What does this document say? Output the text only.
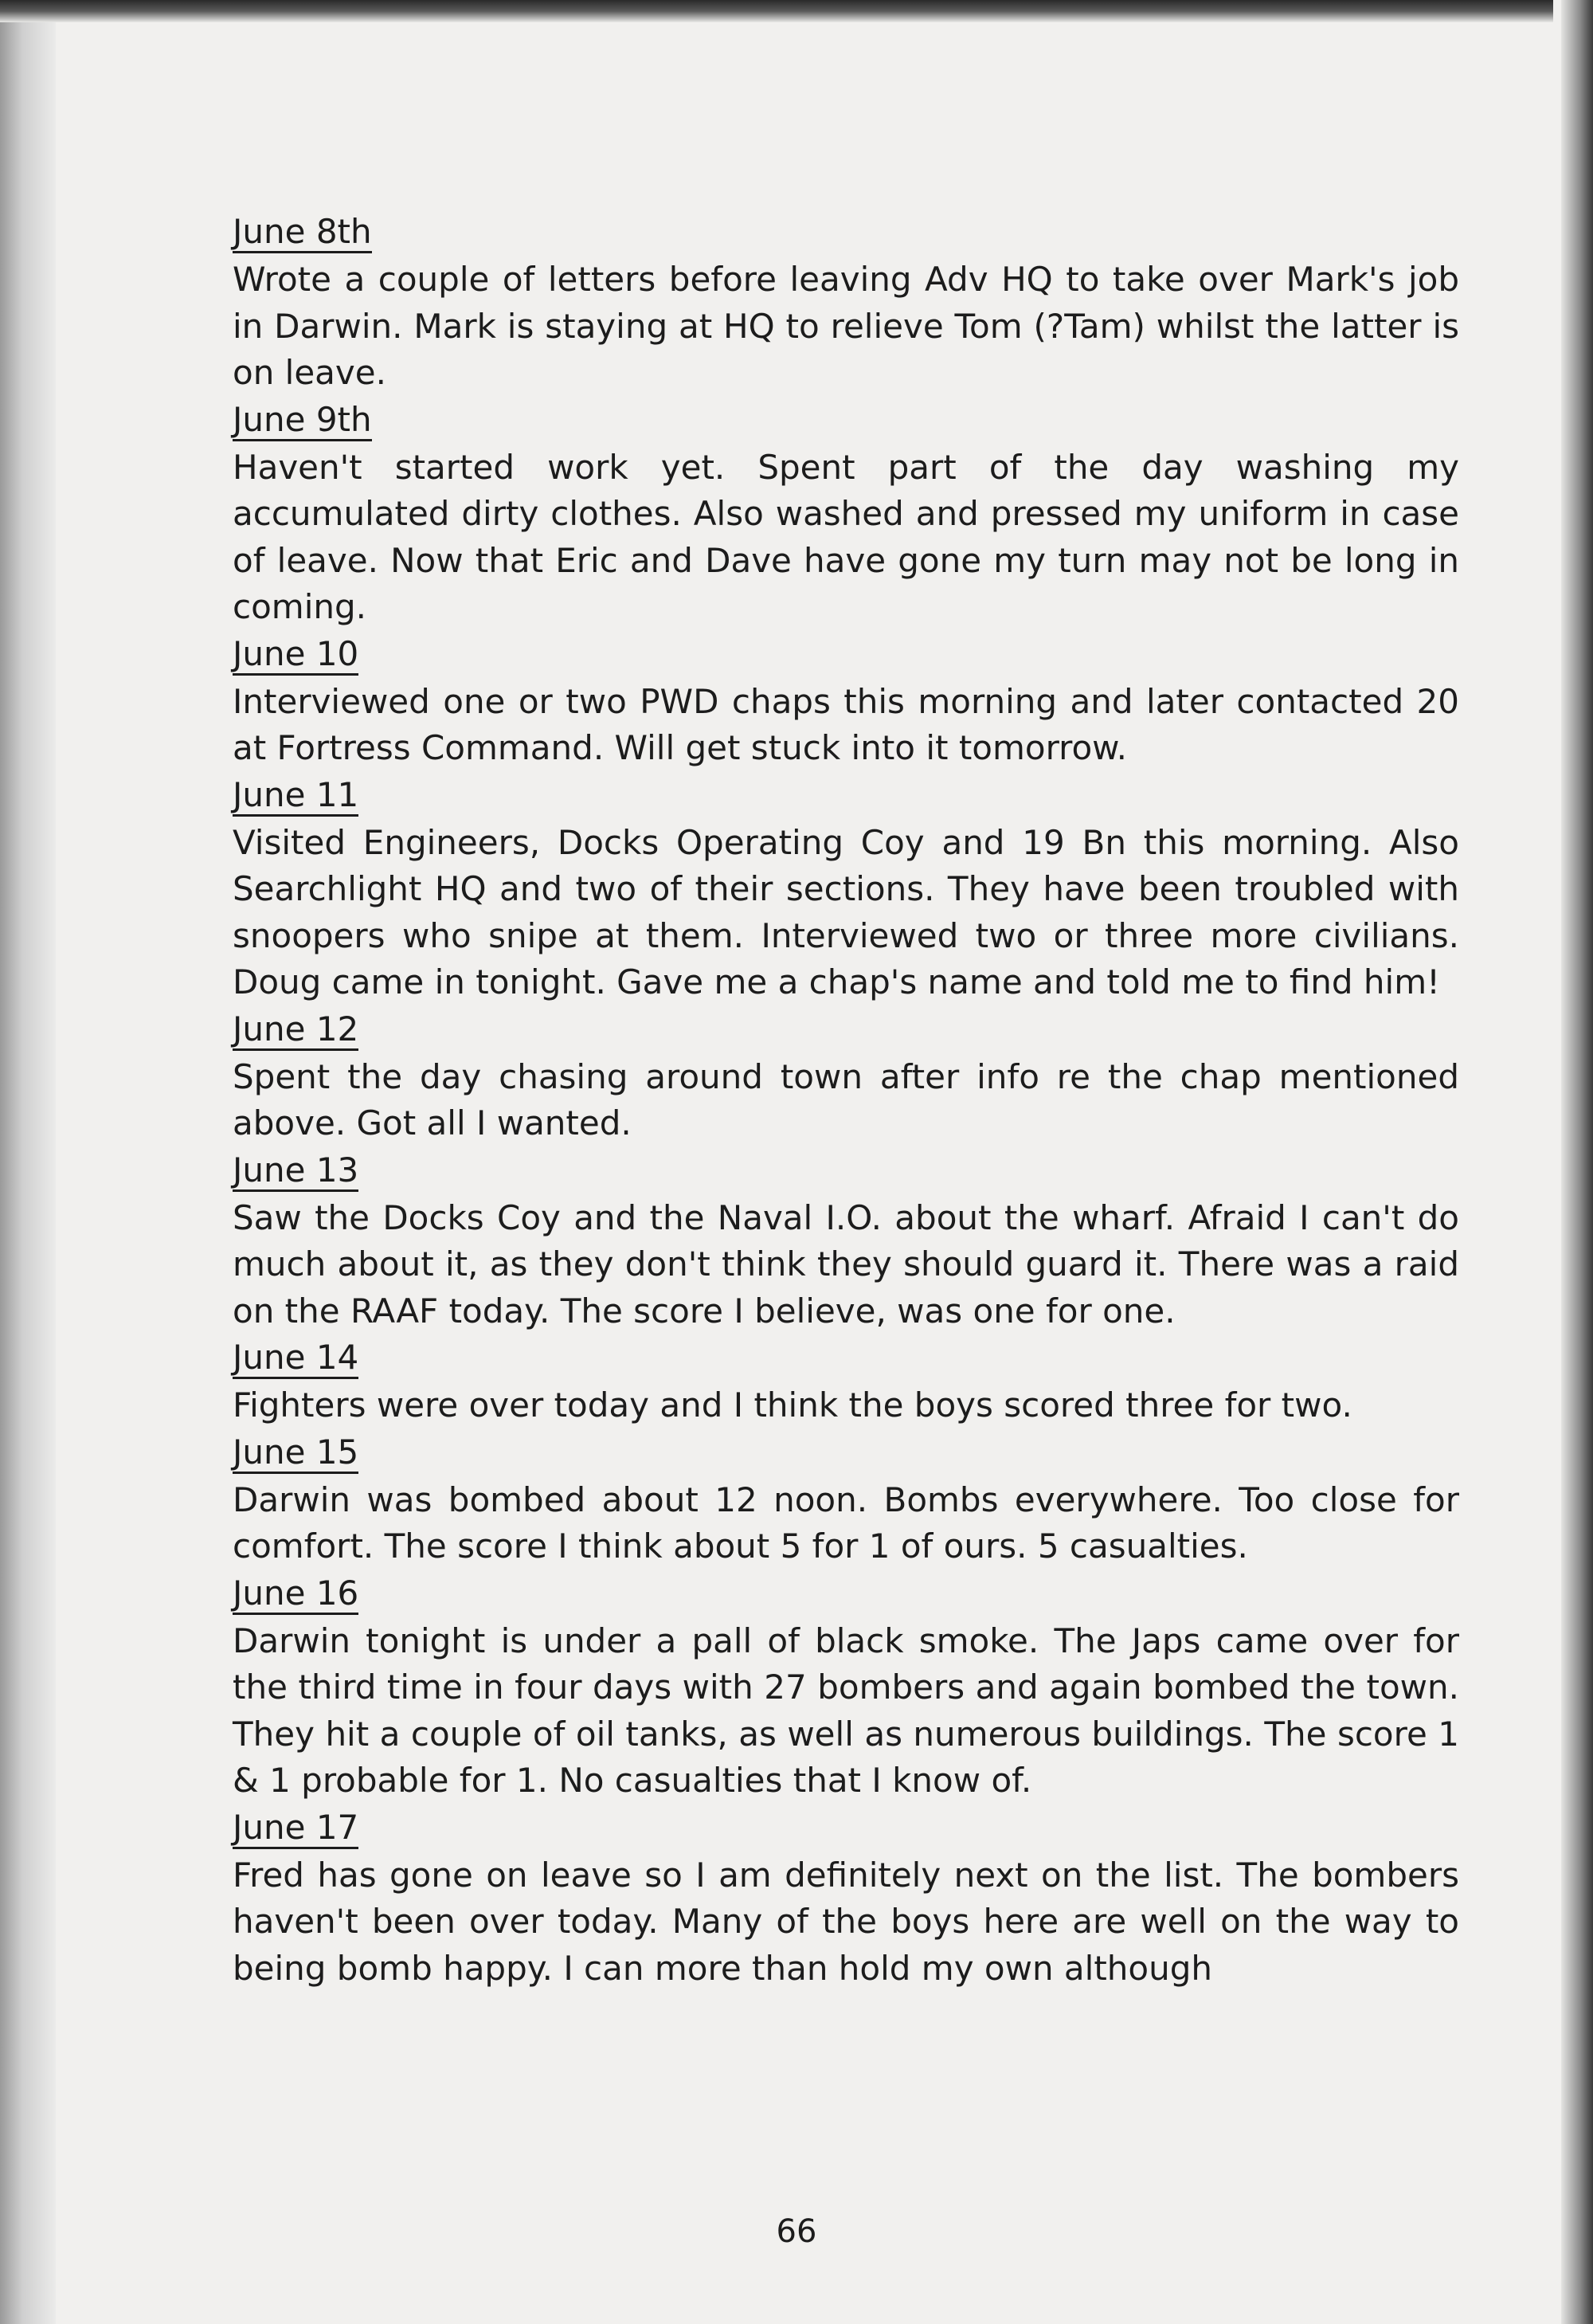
June 8th
Wrote a couple of letters before leaving Adv HQ to take over Mark's job in Darwin. Mark is staying at HQ to relieve Tom (?Tam) whilst the latter is on leave.
June 9th
Haven't started work yet. Spent part of the day washing my accumulated dirty clothes. Also washed and pressed my uniform in case of leave. Now that Eric and Dave have gone my turn may not be long in coming.
June 10
Interviewed one or two PWD chaps this morning and later contacted 20 at Fortress Command. Will get stuck into it tomorrow.
June 11
Visited Engineers, Docks Operating Coy and 19 Bn this morning. Also Searchlight HQ and two of their sections. They have been troubled with snoopers who snipe at them. Interviewed two or three more civilians. Doug came in tonight. Gave me a chap's name and told me to find him!
June 12
Spent the day chasing around town after info re the chap mentioned above. Got all I wanted.
June 13
Saw the Docks Coy and the Naval I.O. about the wharf. Afraid I can't do much about it, as they don't think they should guard it. There was a raid on the RAAF today. The score I believe, was one for one.
June 14
Fighters were over today and I think the boys scored three for two.
June 15
Darwin was bombed about 12 noon. Bombs everywhere. Too close for comfort. The score I think about 5 for 1 of ours. 5 casualties.
June 16
Darwin tonight is under a pall of black smoke. The Japs came over for the third time in four days with 27 bombers and again bombed the town. They hit a couple of oil tanks, as well as numerous buildings. The score 1 & 1 probable for 1. No casualties that I know of.
June 17
Fred has gone on leave so I am definitely next on the list. The bombers haven't been over today. Many of the boys here are well on the way to being bomb happy. I can more than hold my own although
66
